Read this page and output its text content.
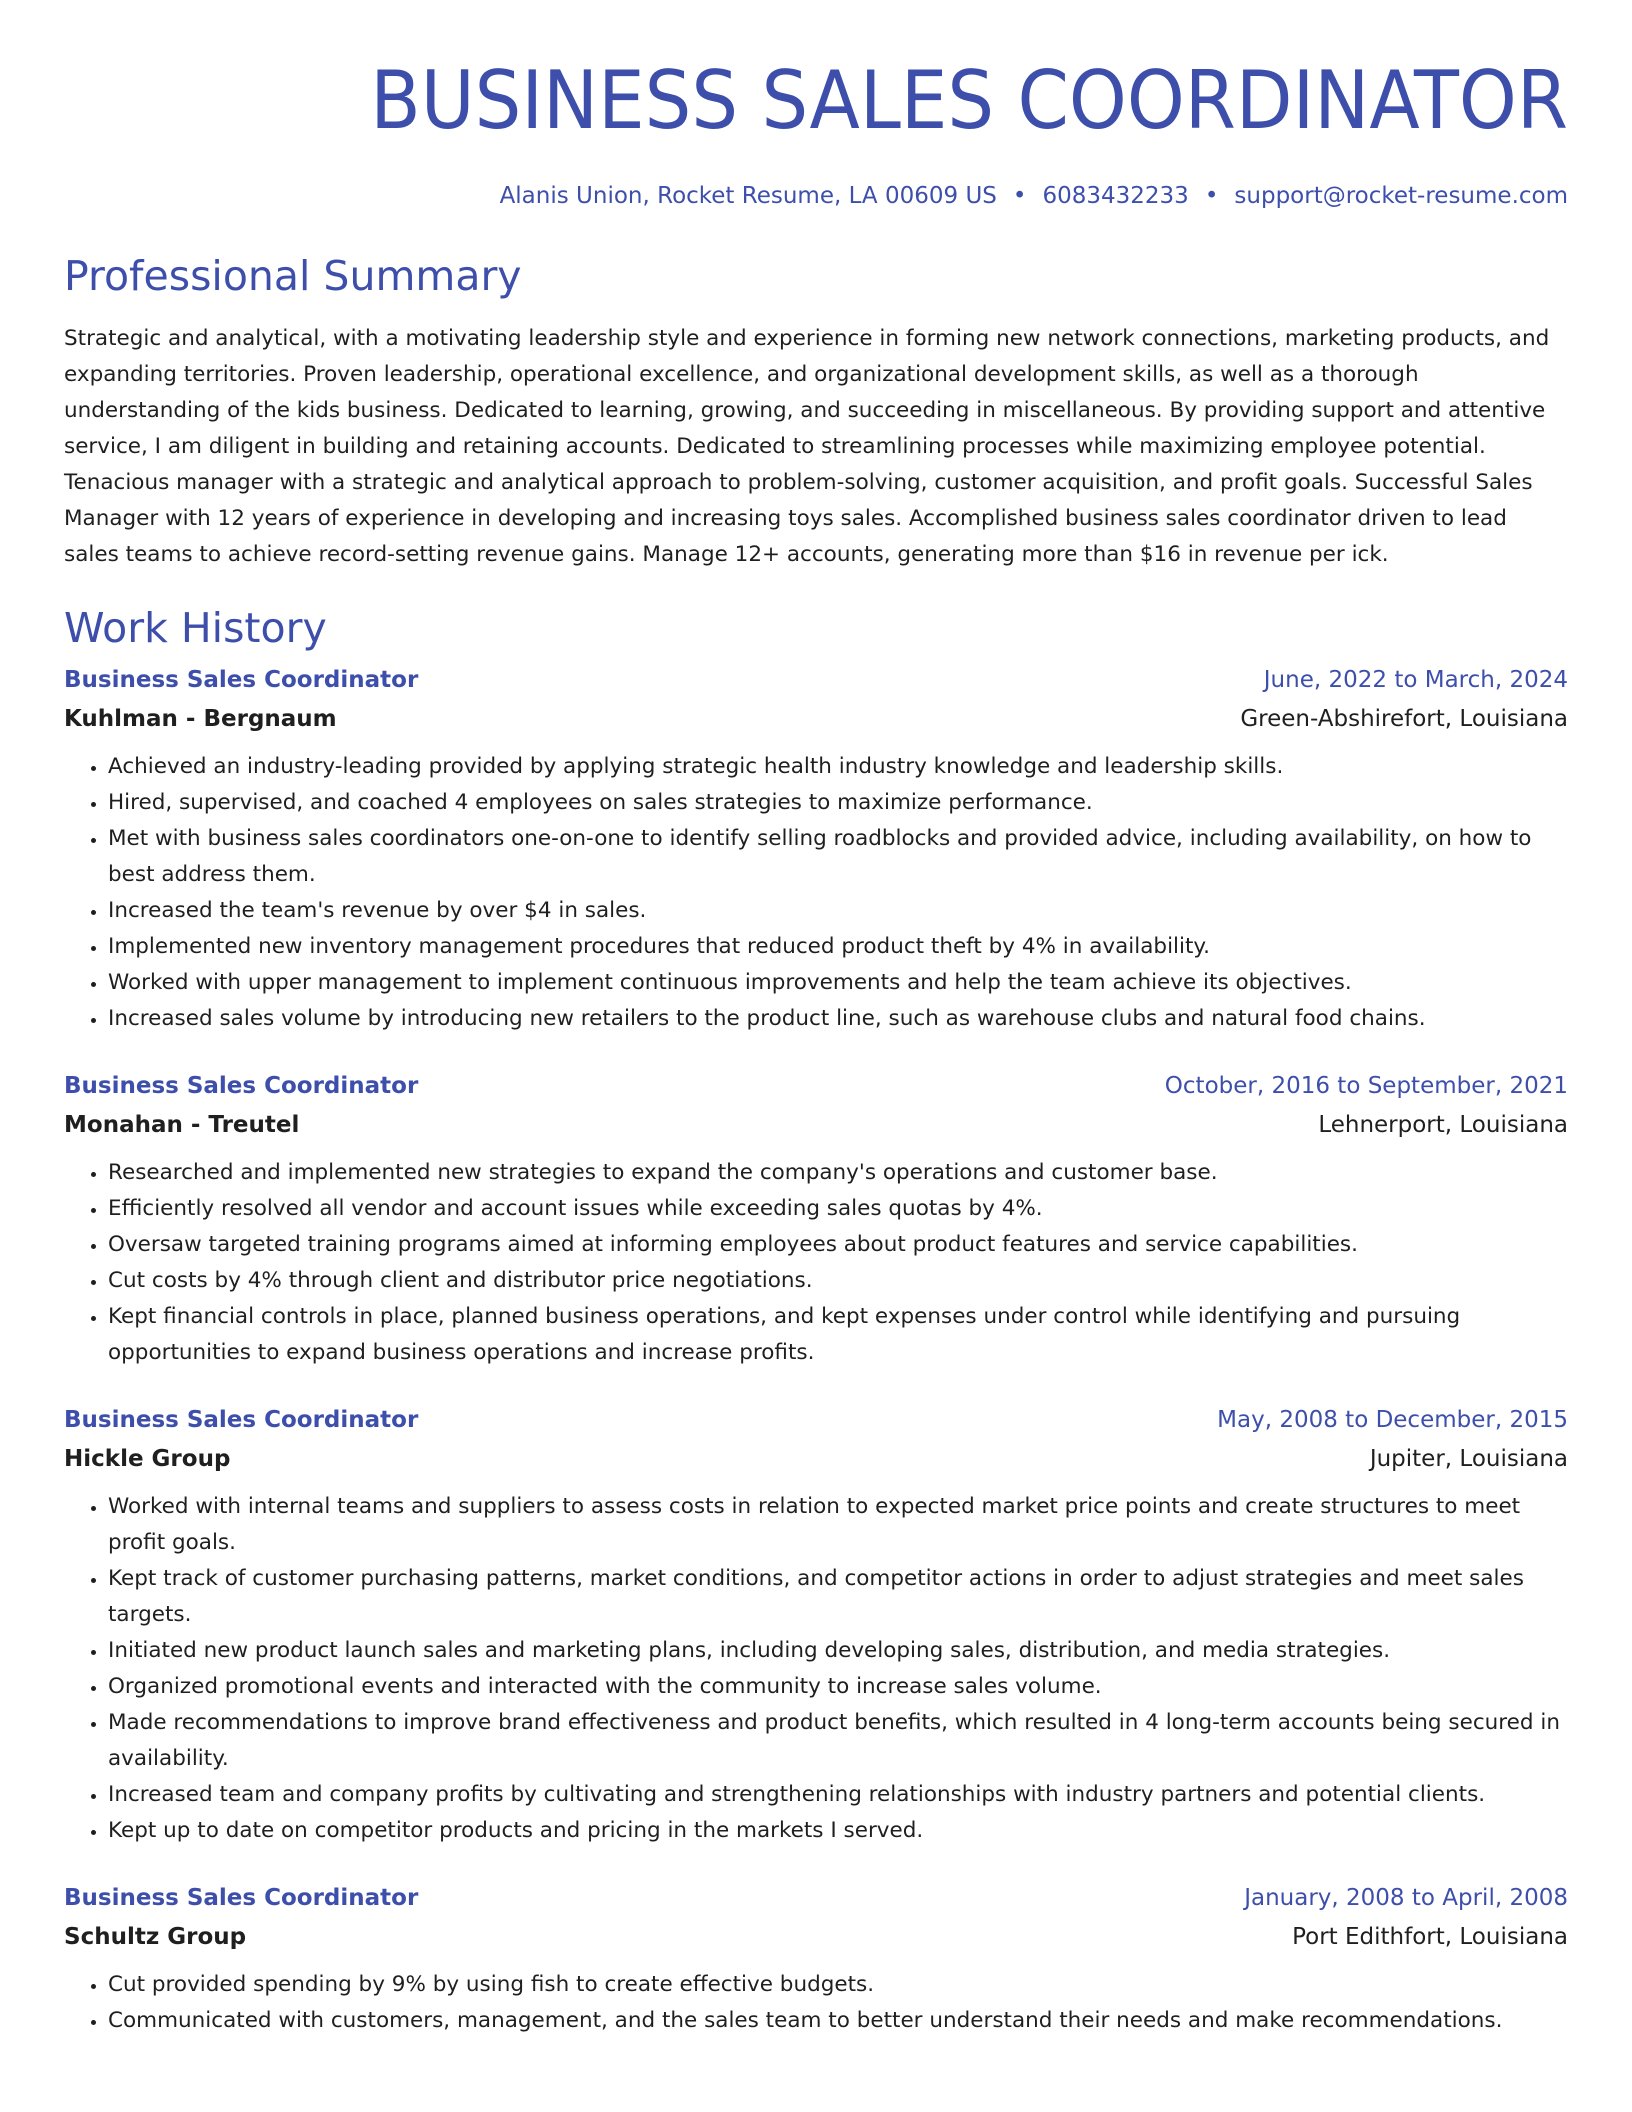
BUSINESS SALES COORDINATOR
Alanis Union, Rocket Resume, LA 00609 US • 6083432233 • support@rocket-resume.com
Professional Summary
Strategic and analytical, with a motivating leadership style and experience in forming new network connections, marketing products, and expanding territories. Proven leadership, operational excellence, and organizational development skills, as well as a thorough understanding of the kids business. Dedicated to learning, growing, and succeeding in miscellaneous. By providing support and attentive service, I am diligent in building and retaining accounts. Dedicated to streamlining processes while maximizing employee potential. Tenacious manager with a strategic and analytical approach to problem-solving, customer acquisition, and profit goals. Successful Sales Manager with 12 years of experience in developing and increasing toys sales. Accomplished business sales coordinator driven to lead sales teams to achieve record-setting revenue gains. Manage 12+ accounts, generating more than $16 in revenue per ick.
Work History
Business Sales Coordinator	June, 2022 to March, 2024
Kuhlman - Bergnaum	Green-Abshirefort, Louisiana
• Achieved an industry-leading provided by applying strategic health industry knowledge and leadership skills.
• Hired, supervised, and coached 4 employees on sales strategies to maximize performance.
• Met with business sales coordinators one-on-one to identify selling roadblocks and provided advice, including availability, on how to best address them.
• Increased the team's revenue by over $4 in sales.
• Implemented new inventory management procedures that reduced product theft by 4% in availability.
• Worked with upper management to implement continuous improvements and help the team achieve its objectives.
• Increased sales volume by introducing new retailers to the product line, such as warehouse clubs and natural food chains.
Business Sales Coordinator	October, 2016 to September, 2021
Monahan - Treutel	Lehnerport, Louisiana
• Researched and implemented new strategies to expand the company's operations and customer base.
• Efficiently resolved all vendor and account issues while exceeding sales quotas by 4%.
• Oversaw targeted training programs aimed at informing employees about product features and service capabilities.
• Cut costs by 4% through client and distributor price negotiations.
• Kept financial controls in place, planned business operations, and kept expenses under control while identifying and pursuing opportunities to expand business operations and increase profits.
Business Sales Coordinator	May, 2008 to December, 2015
Hickle Group	Jupiter, Louisiana
• Worked with internal teams and suppliers to assess costs in relation to expected market price points and create structures to meet profit goals.
• Kept track of customer purchasing patterns, market conditions, and competitor actions in order to adjust strategies and meet sales targets.
• Initiated new product launch sales and marketing plans, including developing sales, distribution, and media strategies.
• Organized promotional events and interacted with the community to increase sales volume.
• Made recommendations to improve brand effectiveness and product benefits, which resulted in 4 long-term accounts being secured in availability.
• Increased team and company profits by cultivating and strengthening relationships with industry partners and potential clients.
• Kept up to date on competitor products and pricing in the markets I served.
Business Sales Coordinator	January, 2008 to April, 2008
Schultz Group	Port Edithfort, Louisiana
• Cut provided spending by 9% by using fish to create effective budgets.
• Communicated with customers, management, and the sales team to better understand their needs and make recommendations.
